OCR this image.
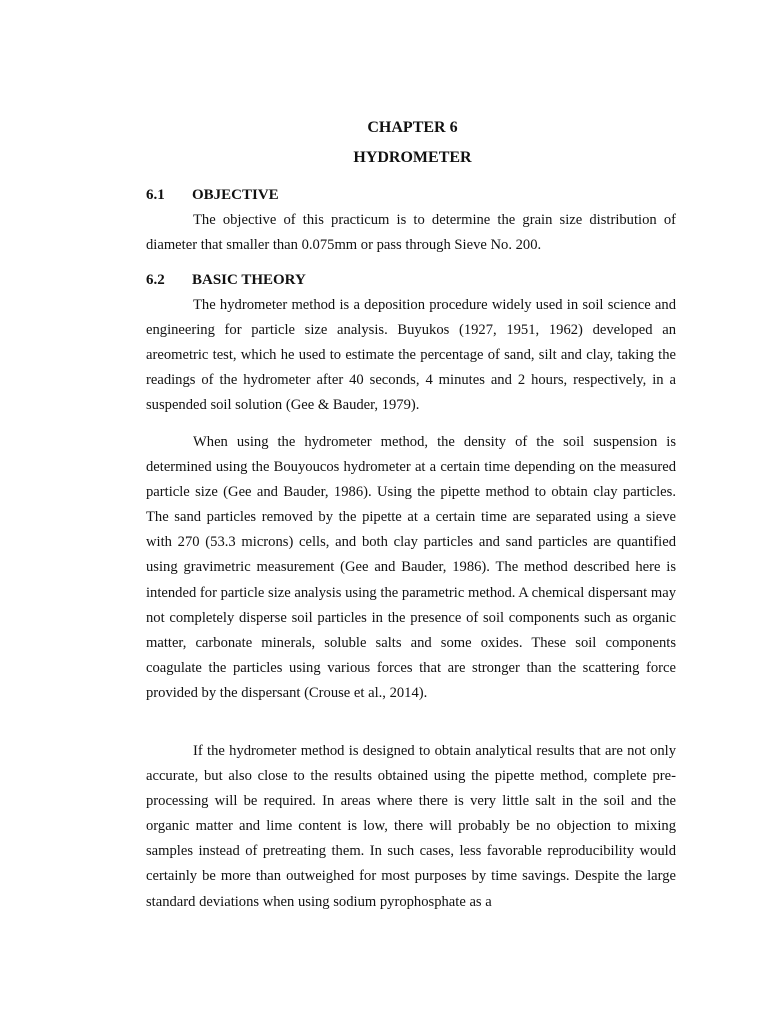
CHAPTER 6
HYDROMETER
6.1 OBJECTIVE

The objective of this practicum is to determine the grain size distribution of diameter that smaller than 0.075mm or pass through Sieve No. 200.

6.2 BASIC THEORY

The hydrometer method is a deposition procedure widely used in soil science and engineering for particle size analysis. Buyukos (1927, 1951, 1962) developed an areometric test, which he used to estimate the percentage of sand, silt and clay, taking the readings of the hydrometer after 40 seconds, 4 minutes and 2 hours, respectively, in a suspended soil solution (Gee & Bauder, 1979).

When using the hydrometer method, the density of the soil suspension is determined using the Bouyoucos hydrometer at a certain time depending on the measured particle size (Gee and Bauder, 1986). Using the pipette method to obtain clay particles. The sand particles removed by the pipette at a certain time are separated using a sieve with 270 (53.3 microns) cells, and both clay particles and sand particles are quantified using gravimetric measurement (Gee and Bauder, 1986). The method described here is intended for particle size analysis using the parametric method. A chemical dispersant may not completely disperse soil particles in the presence of soil components such as organic matter, carbonate minerals, soluble salts and some oxides. These soil components coagulate the particles using various forces that are stronger than the scattering force provided by the dispersant (Crouse et al., 2014).

If the hydrometer method is designed to obtain analytical results that are not only accurate, but also close to the results obtained using the pipette method, complete pre-processing will be required. In areas where there is very little salt in the soil and the organic matter and lime content is low, there will probably be no objection to mixing samples instead of pretreating them. In such cases, less favorable reproducibility would certainly be more than outweighed for most purposes by time savings. Despite the large standard deviations when using sodium pyrophosphate as a
